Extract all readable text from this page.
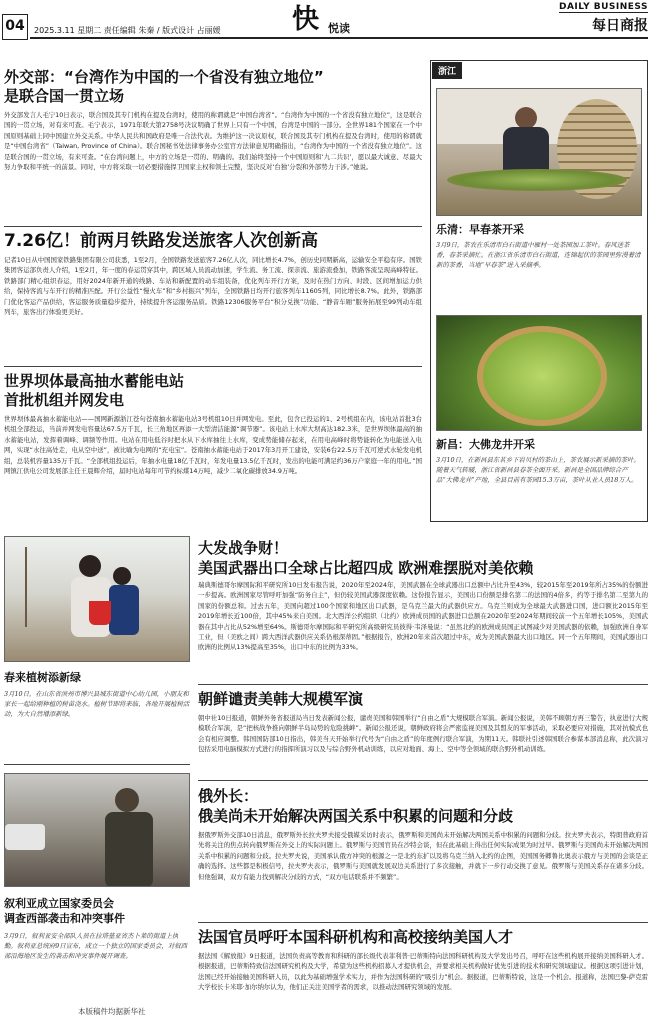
04	2025.3.11 星期二 责任编辑 朱秦 / 版式设计 占丽媛	快 悦读
DAILY BUSINESS
每日商报
外交部：“台湾作为中国的一个省没有独立地位”
是联合国一贯立场
外交部发言人毛宁10日表示，联合国及其专门机构在提及台湾时，使用的称谓就是“中国台湾省”。“台湾作为中国的一个省没有独立地位”，这是联合国的一贯立场，对有来可查。毛宁表示，1971年联大第2758号决议明确了世界上只有一个中国，台湾是中国的一部分。全世界181个国家在一个中国原则基础上同中国建立外交关系。中华人民共和国政府是唯一合法代表。为维护这一决议原权，联合国及其专门机构在提及台湾时，使用的称谓就是“中国台湾省”（Taiwan, Province of China）。联合国秘书处法律事务办公室官方法律意见明确指出，“台湾作为中国的一个省没有独立地位”。这是联合国的一贯立场，有来可查。“在台湾问题上，中方的立场是一贯的、明确的。我们始终坚持一个中国原则和‘九二共识’，愿以最大诚意、尽最大努力争取和平统一的前景。同时，中方将采取一切必要措施捍卫国家主权和领土完整，坚决反对‘台独’分裂和外部势力干涉。”她说。
7.26亿！前两月铁路发送旅客人次创新高
记者10日从中国国家铁路集团有限公司获悉，1至2月，全国铁路发送旅客7.26亿人次，同比增长4.7%，创历史同期新高，运输安全平稳有序。国铁集团客运部负责人介绍，1至2月，年一度的春运贯穿其中，跨区域人员流动加速，学生流、务工流、探亲流、旅游流叠加，铁路客流呈现高峰特征。铁路部门精心组织春运，用好2024年新开通的线路、车站和新配置的动车组装备，优化列车开行方案，及时在热门方向、时段、区间增加运力供给，保持客流与车开行的精准匹配。开行公益性“慢火车”和“乡村振兴”列车，全国铁路日均开行旅客列车11605列，同比增长8.7%。此外，铁路部门优化客运产品供给，客运服务质量稳步提升，持续提升客运服务品质。铁路12306服务平台“积分兑换”功能、“静音车厢”服务拓展至99列动车组列车，旅客出行体验更美好。
世界坝体最高抽水蓄能电站
首批机组并网发电
世界坝体最高抽水蓄能电站——国网新源浙江苍句苍南抽水蓄能电站3号机组10日并网发电。至此，包含已投运的1、2号机组在内，该电站首批3台机组全部投运，当前并网发电容量达67.5万千瓦，长三角地区再添一大型清洁能源“调节器”。该电站上水库大坝高达182.3米，是世界坝体最高的抽水蓄能电站，发挥着调峰、调频等作用。电站在用电低谷时把水从下水库抽往上水库，变成势能储存起来，在用电高峰时将势能转化为电能送入电网，实现“水往高处走，电从空中送”，被比喻为电网的“充电宝”。苍南抽水蓄能电站于2017年3月开工建设，安装6台22.5万千瓦可逆式水轮发电机组，总装机容量135万千瓦。“全部机组投运后，年抽水电量18亿千瓦时，年发电量13.5亿千瓦时，发出的电能可满足约36万户家庭一年的用电。”国网镇江供电公司发展部主任王晨辉介绍，届时电站每年可节约标煤14万吨，减少二氧化碳排放34.9万吨。
浙江
乐清：早春茶开采
3月9日，茶农在乐清市白石街道中雁村一处茶园加工茶叶。春风送茶香，春茶采摘忙。在浙江省乐清市白石街道，连锦起伏的茶园里弥漫着清新的茶香，当地“早春茶”进入采摘季。
新昌：大佛龙井开采
3月10日，在新昌县东茗乡下岩贝村的茶山上，茶农展示新采摘的茶叶。随着天气转暖，浙江省新昌县春茶全面开采。新昌是全国品牌综合产品“大佛龙井”产地，全县目前有茶园15.3万亩，茶叶从业人员18万人。
春来植树添新绿
3月10日，在山东省滨州市博兴县城东街道中心幼儿园，小朋友和家长一起给刚种植的树苗浇水。植树节即将来临，各地开展植树活动，为大自然增添新绿。
叙利亚成立国家委员会
调查西部袭击和冲突事件
3月9日，叙利亚安全部队人员在拉塔基亚省杰卜莱的街道上执勤。叙利亚总统府9日宣布，成立一个独立的国家委员会，对叙西部沿海地区发生的袭击和冲突事件展开调查。
大发战争财！
美国武器出口全球占比超四成 欧洲难摆脱对美依赖
瑞典斯德哥尔摩国际和平研究所10日发布报告说，2020年至2024年，美国武器在全球武器出口总额中占比升至43%，较2015年至2019年所占35%的份额进一步提高。欧洲国家尽管呼吁加强“防务自主”，但仍较美国武器深度依赖。这份报告显示，美国出口份额是排名第二的法国的4倍多，约等于排名第二至第九的国家的份额总和。过去五年，美国向超过100个国家和地区出口武器，是乌克兰最大的武器供应方。乌克兰则成为全球最大武器进口国，进口额比2015年至2019年增长近100倍，其中45%来自美国。北大西洋公约组织（北约）欧洲成员国的武器进口总额在2020年至2024年期间较前一个五年增长105%，美国武器在其中占比从52%增至64%。斯德哥尔摩国际和平研究所高级研究员彼得·韦泽曼说：“虽然北约的欧洲成员国正试图减少对美国武器的依赖，加强欧洲自身军工业，但（美欧之间）跨大西洋武器供应关系仍根深蒂固。”根据报告，欧洲20年来首次超过中东，成为美国武器最大出口地区。同一个五年期间，美国武器出口欧洲的比例从13%提高至35%，出口中东的比例为33%。
朝鲜谴责美韩大规模军演
朝中社10日报道，朝鲜外务省报道局当日发表新闻公报，谴责美国和韩国举行“自由之盾”大规模联合军演。新闻公报说，美韩不顾朝方再三警告，执意进行大规模联合军演，是“把核战争推向朝鲜半岛局势的危险挑衅”。新闻公报还说，朝鲜政府将会严密监视美国及其盟友的军事活动，采取必要应对措施，其对抗模式也会有相应调整。韩国国防部10日指出，韩美当天开始举行代号为“自由之盾”的年度例行联合军演，为期11天。韩联社引述韩国联合参谋本部消息称，此次演习包括采用电脑模拟方式进行的指挥所演习以及与综合野外机动训练，以应对地面、海上、空中等全领域的联合野外机动训练。
俄外长：
俄美尚未开始解决两国关系中积累的问题和分歧
据俄罗斯外交部10日消息，俄罗斯外长拉夫罗夫接受俄媒采访时表示，俄罗斯和美国尚未开始解决两国关系中积累的问题和分歧。拉夫罗夫表示，特朗普政府首先将关注的焦点转向俄罗斯在外交上的实际问题上。俄罗斯与美国官员在沙特会谈，但在此基础上得出任何实际成果为时过早。俄罗斯与美国尚未开始解决两国关系中积累的问题和分歧。拉夫罗夫说，美国承认俄方冲突的根源之一是北约东扩以及将乌克兰纳入北约的企图，美国国务卿鲁比奥表示俄方与美国的会谈是正确的选择。这些都是积极信号，拉夫罗夫表示，俄罗斯与美国就发展双边关系进行了多次接触，并就下一步行动交换了意见。俄罗斯与美国关系存在诸多分歧。但他强调，双方有能力找到解决分歧的方式，“双方电话联系并不频繁”。
法国官员呼吁本国科研机构和高校接纳美国人才
据法国《解放报》9日报道，法国负责高等教育和科研的部长级代表菲利普·巴蒂斯特向法国科研机构及大学发出号召，呼吁在这些机构展开接纳美国科研人才。根据报道，巴蒂斯特致信法国研究机构及大学，希望为这些机构招募人才提供机会，并要求相关机构做好优先引进的技术和研究领域建议。根据这项引进计划，法国已经开始接触美国科研人员，以此为基础增强学术实力，并作为法国科研的“吸引力”机会。据报道，巴蒂斯特说，这是一个机会。报道称，法国巴黎-萨克雷大学校长卡米耶·加尔纳尔认为，他们正关注美国学者的需求，以推动法国研究领域的发展。
本版稿件均据新华社
